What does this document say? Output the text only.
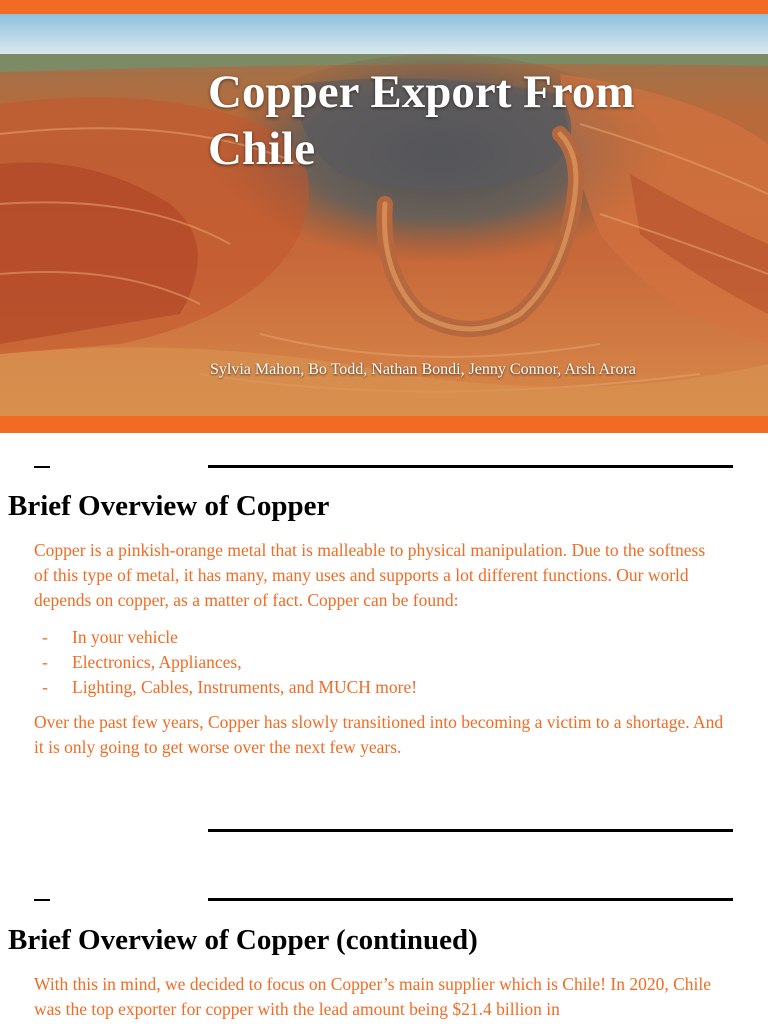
Copper Export From Chile

Sylvia Mahon, Bo Todd, Nathan Bondi, Jenny Connor, Arsh Arora

Brief Overview of Copper

Copper is a pinkish-orange metal that is malleable to physical manipulation. Due to the softness of this type of metal, it has many, many uses and supports a lot different functions. Our world depends on copper, as a matter of fact. Copper can be found:

- In your vehicle
- Electronics, Appliances,
- Lighting, Cables, Instruments, and MUCH more!

Over the past few years, Copper has slowly transitioned into becoming a victim to a shortage. And it is only going to get worse over the next few years.

Brief Overview of Copper (continued)

With this in mind, we decided to focus on Copper’s main supplier which is Chile! In 2020, Chile was the top exporter for copper with the lead amount being $21.4 billion in
